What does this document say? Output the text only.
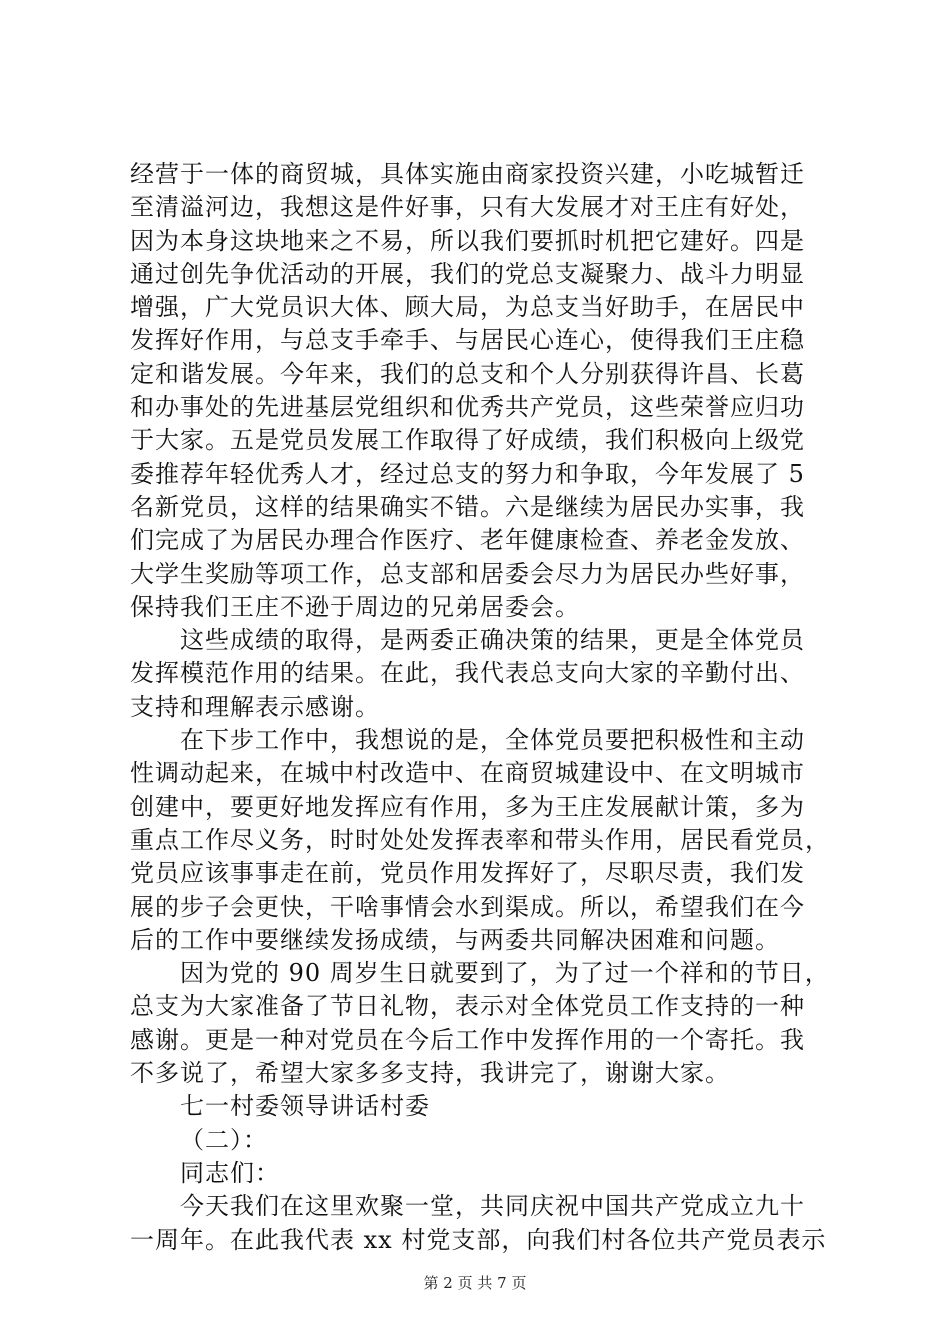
经营于一体的商贸城，具体实施由商家投资兴建，小吃城暂迁
至清溢河边，我想这是件好事，只有大发展才对王庄有好处，
因为本身这块地来之不易，所以我们要抓时机把它建好。四是
通过创先争优活动的开展，我们的党总支凝聚力、战斗力明显
增强，广大党员识大体、顾大局，为总支当好助手，在居民中
发挥好作用，与总支手牵手、与居民心连心，使得我们王庄稳
定和谐发展。今年来，我们的总支和个人分别获得许昌、长葛
和办事处的先进基层党组织和优秀共产党员，这些荣誉应归功
于大家。五是党员发展工作取得了好成绩，我们积极向上级党
委推荐年轻优秀人才，经过总支的努力和争取，今年发展了 5
名新党员，这样的结果确实不错。六是继续为居民办实事，我
们完成了为居民办理合作医疗、老年健康检查、养老金发放、
大学生奖励等项工作，总支部和居委会尽力为居民办些好事，
保持我们王庄不逊于周边的兄弟居委会。
这些成绩的取得，是两委正确决策的结果，更是全体党员
发挥模范作用的结果。在此，我代表总支向大家的辛勤付出、
支持和理解表示感谢。
在下步工作中，我想说的是，全体党员要把积极性和主动
性调动起来，在城中村改造中、在商贸城建设中、在文明城市
创建中，要更好地发挥应有作用，多为王庄发展献计策，多为
重点工作尽义务，时时处处发挥表率和带头作用，居民看党员，
党员应该事事走在前，党员作用发挥好了，尽职尽责，我们发
展的步子会更快，干啥事情会水到渠成。所以，希望我们在今
后的工作中要继续发扬成绩，与两委共同解决困难和问题。
因为党的 90 周岁生日就要到了，为了过一个祥和的节日，
总支为大家准备了节日礼物，表示对全体党员工作支持的一种
感谢。更是一种对党员在今后工作中发挥作用的一个寄托。我
不多说了，希望大家多多支持，我讲完了，谢谢大家。
七一村委领导讲话村委
（二）：
同志们：
今天我们在这里欢聚一堂，共同庆祝中国共产党成立九十
一周年。在此我代表 xx 村党支部，向我们村各位共产党员表示
第 2 页 共 7 页
